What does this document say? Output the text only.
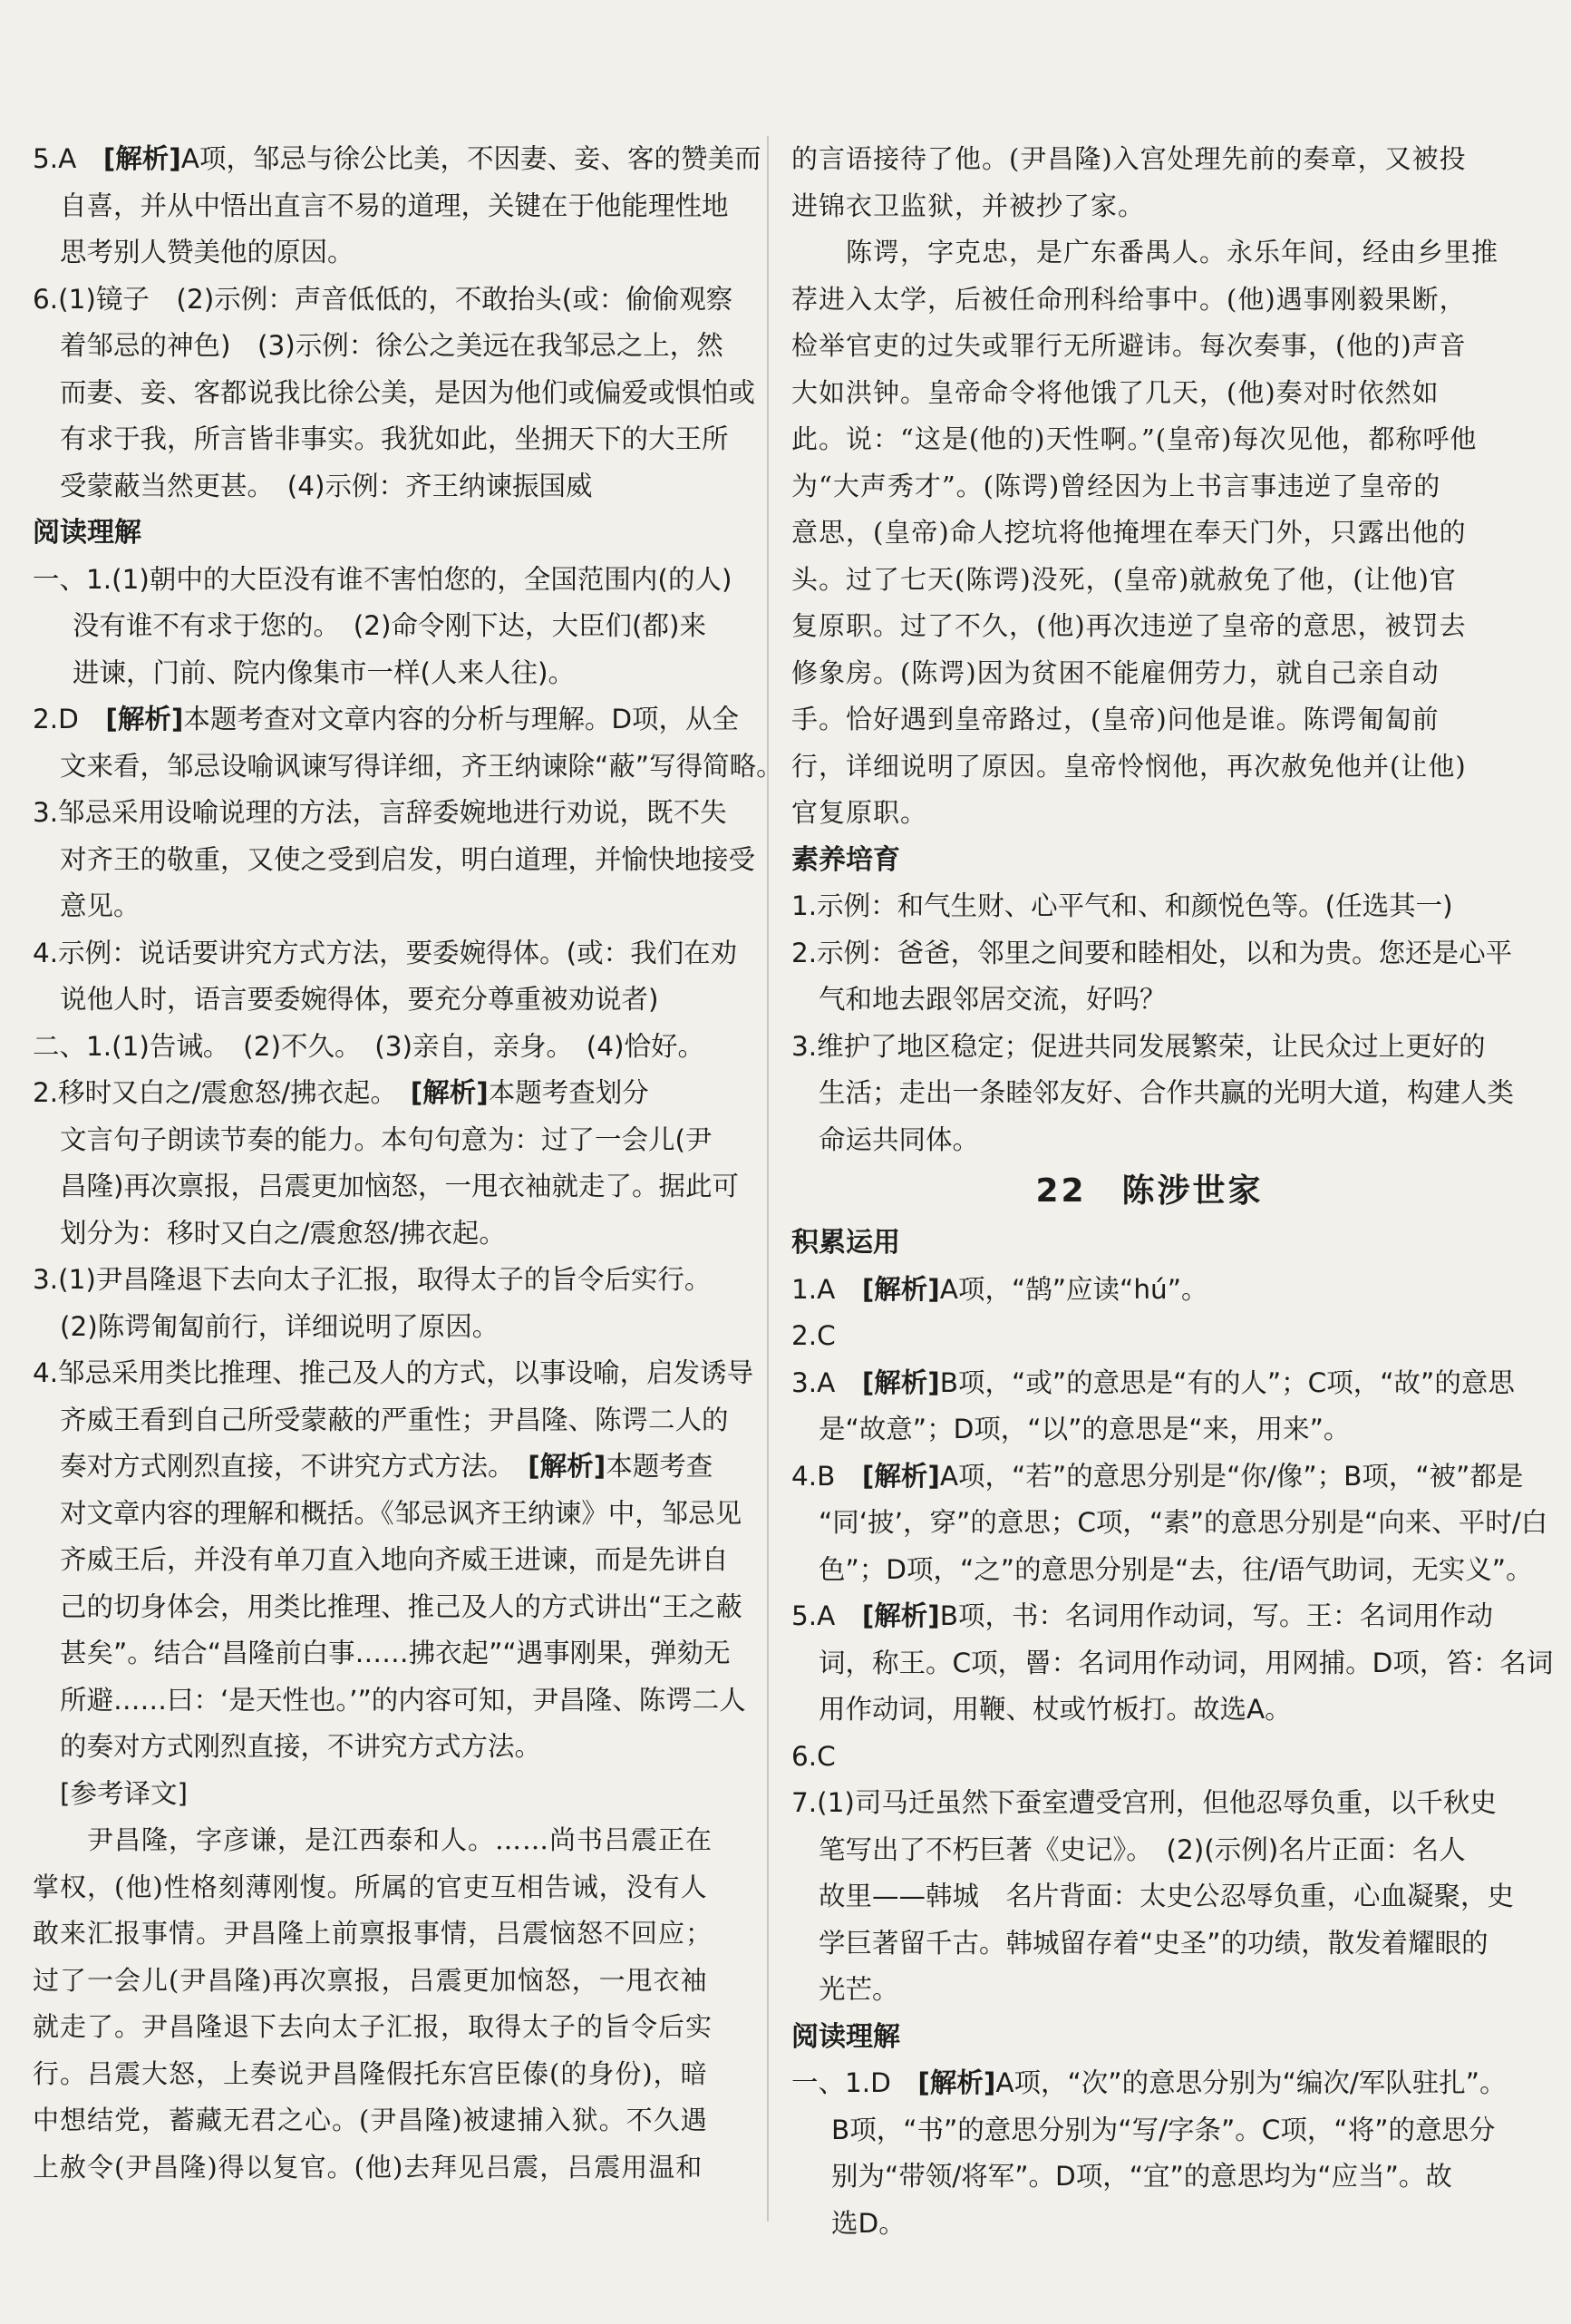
5.A　[解析]A项，邹忌与徐公比美，不因妻、妾、客的赞美而

自喜，并从中悟出直言不易的道理，关键在于他能理性地

思考别人赞美他的原因。

6.(1)镜子　(2)示例：声音低低的，不敢抬头(或：偷偷观察

着邹忌的神色)　(3)示例：徐公之美远在我邹忌之上，然

而妻、妾、客都说我比徐公美，是因为他们或偏爱或惧怕或

有求于我，所言皆非事实。我犹如此，坐拥天下的大王所

受蒙蔽当然更甚。　(4)示例：齐王纳谏振国威

阅读理解

一、1.(1)朝中的大臣没有谁不害怕您的，全国范围内(的人)

没有谁不有求于您的。　(2)命令刚下达，大臣们(都)来

进谏，门前、院内像集市一样(人来人往)。

2.D　[解析]本题考查对文章内容的分析与理解。D项，从全

文来看，邹忌设喻讽谏写得详细，齐王纳谏除“蔽”写得简略。

3.邹忌采用设喻说理的方法，言辞委婉地进行劝说，既不失

对齐王的敬重，又使之受到启发，明白道理，并愉快地接受

意见。

4.示例：说话要讲究方式方法，要委婉得体。(或：我们在劝

说他人时，语言要委婉得体，要充分尊重被劝说者)

二、1.(1)告诫。　(2)不久。　(3)亲自，亲身。　(4)恰好。

2.移时又白之/震愈怒/拂衣起。　[解析]本题考查划分

文言句子朗读节奏的能力。本句句意为：过了一会儿(尹

昌隆)再次禀报，吕震更加恼怒，一甩衣袖就走了。据此可

划分为：移时又白之/震愈怒/拂衣起。

3.(1)尹昌隆退下去向太子汇报，取得太子的旨令后实行。

(2)陈谔匍匐前行，详细说明了原因。

4.邹忌采用类比推理、推己及人的方式，以事设喻，启发诱导

齐威王看到自己所受蒙蔽的严重性；尹昌隆、陈谔二人的

奏对方式刚烈直接，不讲究方式方法。　[解析]本题考查

对文章内容的理解和概括。《邹忌讽齐王纳谏》中，邹忌见

齐威王后，并没有单刀直入地向齐威王进谏，而是先讲自

己的切身体会，用类比推理、推己及人的方式讲出“王之蔽

甚矣”。结合“昌隆前白事……拂衣起”“遇事刚果，弹劾无

所避……曰：‘是天性也。’”的内容可知，尹昌隆、陈谔二人

的奏对方式刚烈直接，不讲究方式方法。

[参考译文]

尹昌隆，字彦谦，是江西泰和人。……尚书吕震正在

掌权，(他)性格刻薄刚愎。所属的官吏互相告诫，没有人

敢来汇报事情。尹昌隆上前禀报事情，吕震恼怒不回应；

过了一会儿(尹昌隆)再次禀报，吕震更加恼怒，一甩衣袖

就走了。尹昌隆退下去向太子汇报，取得太子的旨令后实

行。吕震大怒，上奏说尹昌隆假托东宫臣傣(的身份)，暗

中想结党，蓄藏无君之心。(尹昌隆)被逮捕入狱。不久遇

上赦令(尹昌隆)得以复官。(他)去拜见吕震，吕震用温和

的言语接待了他。(尹昌隆)入宫处理先前的奏章，又被投

进锦衣卫监狱，并被抄了家。

陈谔，字克忠，是广东番禺人。永乐年间，经由乡里推

荐进入太学，后被任命刑科给事中。(他)遇事刚毅果断，

检举官吏的过失或罪行无所避讳。每次奏事，(他的)声音

大如洪钟。皇帝命令将他饿了几天，(他)奏对时依然如

此。说：“这是(他的)天性啊。”(皇帝)每次见他，都称呼他

为“大声秀才”。(陈谔)曾经因为上书言事违逆了皇帝的

意思，(皇帝)命人挖坑将他掩埋在奉天门外，只露出他的

头。过了七天(陈谔)没死，(皇帝)就赦免了他，(让他)官

复原职。过了不久，(他)再次违逆了皇帝的意思，被罚去

修象房。(陈谔)因为贫困不能雇佣劳力，就自己亲自动

手。恰好遇到皇帝路过，(皇帝)问他是谁。陈谔匍匐前

行，详细说明了原因。皇帝怜悯他，再次赦免他并(让他)

官复原职。

素养培育

1.示例：和气生财、心平气和、和颜悦色等。(任选其一)

2.示例：爸爸，邻里之间要和睦相处，以和为贵。您还是心平

气和地去跟邻居交流，好吗？

3.维护了地区稳定；促进共同发展繁荣，让民众过上更好的

生活；走出一条睦邻友好、合作共赢的光明大道，构建人类

命运共同体。

22　陈涉世家

积累运用

1.A　[解析]A项，“鹄”应读“hú”。

2.C

3.A　[解析]B项，“或”的意思是“有的人”；C项，“故”的意思

是“故意”；D项，“以”的意思是“来，用来”。

4.B　[解析]A项，“若”的意思分别是“你/像”；B项，“被”都是

“同‘披’，穿”的意思；C项，“素”的意思分别是“向来、平时/白

色”；D项，“之”的意思分别是“去，往/语气助词，无实义”。

5.A　[解析]B项，书：名词用作动词，写。王：名词用作动

词，称王。C项，罾：名词用作动词，用网捕。D项，笞：名词

用作动词，用鞭、杖或竹板打。故选A。

6.C

7.(1)司马迁虽然下蚕室遭受宫刑，但他忍辱负重，以千秋史

笔写出了不朽巨著《史记》。　(2)(示例)名片正面：名人

故里——韩城　名片背面：太史公忍辱负重，心血凝聚，史

学巨著留千古。韩城留存着“史圣”的功绩，散发着耀眼的

光芒。

阅读理解

一、1.D　[解析]A项，“次”的意思分别为“编次/军队驻扎”。

B项，“书”的意思分别为“写/字条”。C项，“将”的意思分

别为“带领/将军”。D项，“宜”的意思均为“应当”。故

选D。
